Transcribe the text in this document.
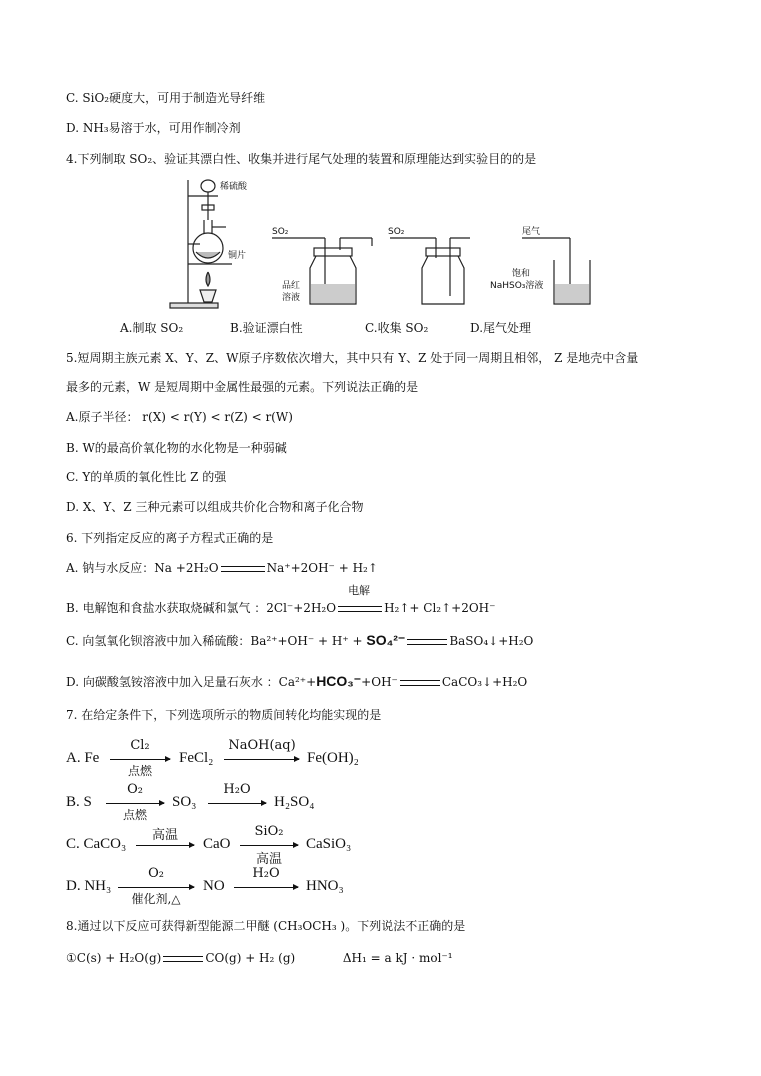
C. SiO₂硬度大，可用于制造光导纤维
D. NH₃易溶于水，可用作制冷剂
4.下列制取 SO₂、验证其漂白性、收集并进行尾气处理的装置和原理能达到实验目的的是
稀硫酸
铜片
SO₂
品红
溶液
SO₂	尾气
饱和
NaHSO₃溶液
A.制取 SO₂	B.验证漂白性	C.收集 SO₂	D.尾气处理
5.短周期主族元素 X、Y、Z、W原子序数依次增大，其中只有 Y、Z 处于同一周期且相邻， Z 是地壳中含量
最多的元素，W 是短周期中金属性最强的元素。下列说法正确的是
A.原子半径： r(X) < r(Y) < r(Z) < r(W)
B. W的最高价氧化物的水化物是一种弱碱
C. Y的单质的氧化性比 Z 的强
D. X、Y、Z 三种元素可以组成共价化合物和离子化合物
6. 下列指定反应的离子方程式正确的是
A. 钠与水反应：Na +2H₂O	Na⁺+2OH⁻ + H₂↑
B. 电解饱和食盐水获取烧碱和氯气 ：2Cl⁻+2H₂O
电解
H₂↑+ Cl₂↑+2OH⁻
C. 向氢氧化钡溶液中加入稀硫酸：Ba²⁺+OH⁻ + H⁺ + SO₄²⁻	BaSO₄↓+H₂O
D. 向碳酸氢铵溶液中加入足量石灰水 ：Ca²⁺+HCO₃⁻+OH⁻	CaCO₃↓+H₂O
7. 在给定条件下，下列选项所示的物质间转化均能实现的是
A. Fe
Cl₂
点燃
FeCl₂
NaOH(aq)
Fe(OH)₂
B. S
O₂
点燃
SO₃
H₂O
H₂SO₄
C. CaCO₃
高温
CaO
SiO₂
高温
CaSiO₃
D. NH₃
O₂
催化剂,△
NO
H₂O
HNO₃
8.通过以下反应可获得新型能源二甲醚 (CH₃OCH₃ )。下列说法不正确的是
①C(s) + H₂O(g)	CO(g) + H₂ (g)	ΔH₁ = a kJ · mol⁻¹
